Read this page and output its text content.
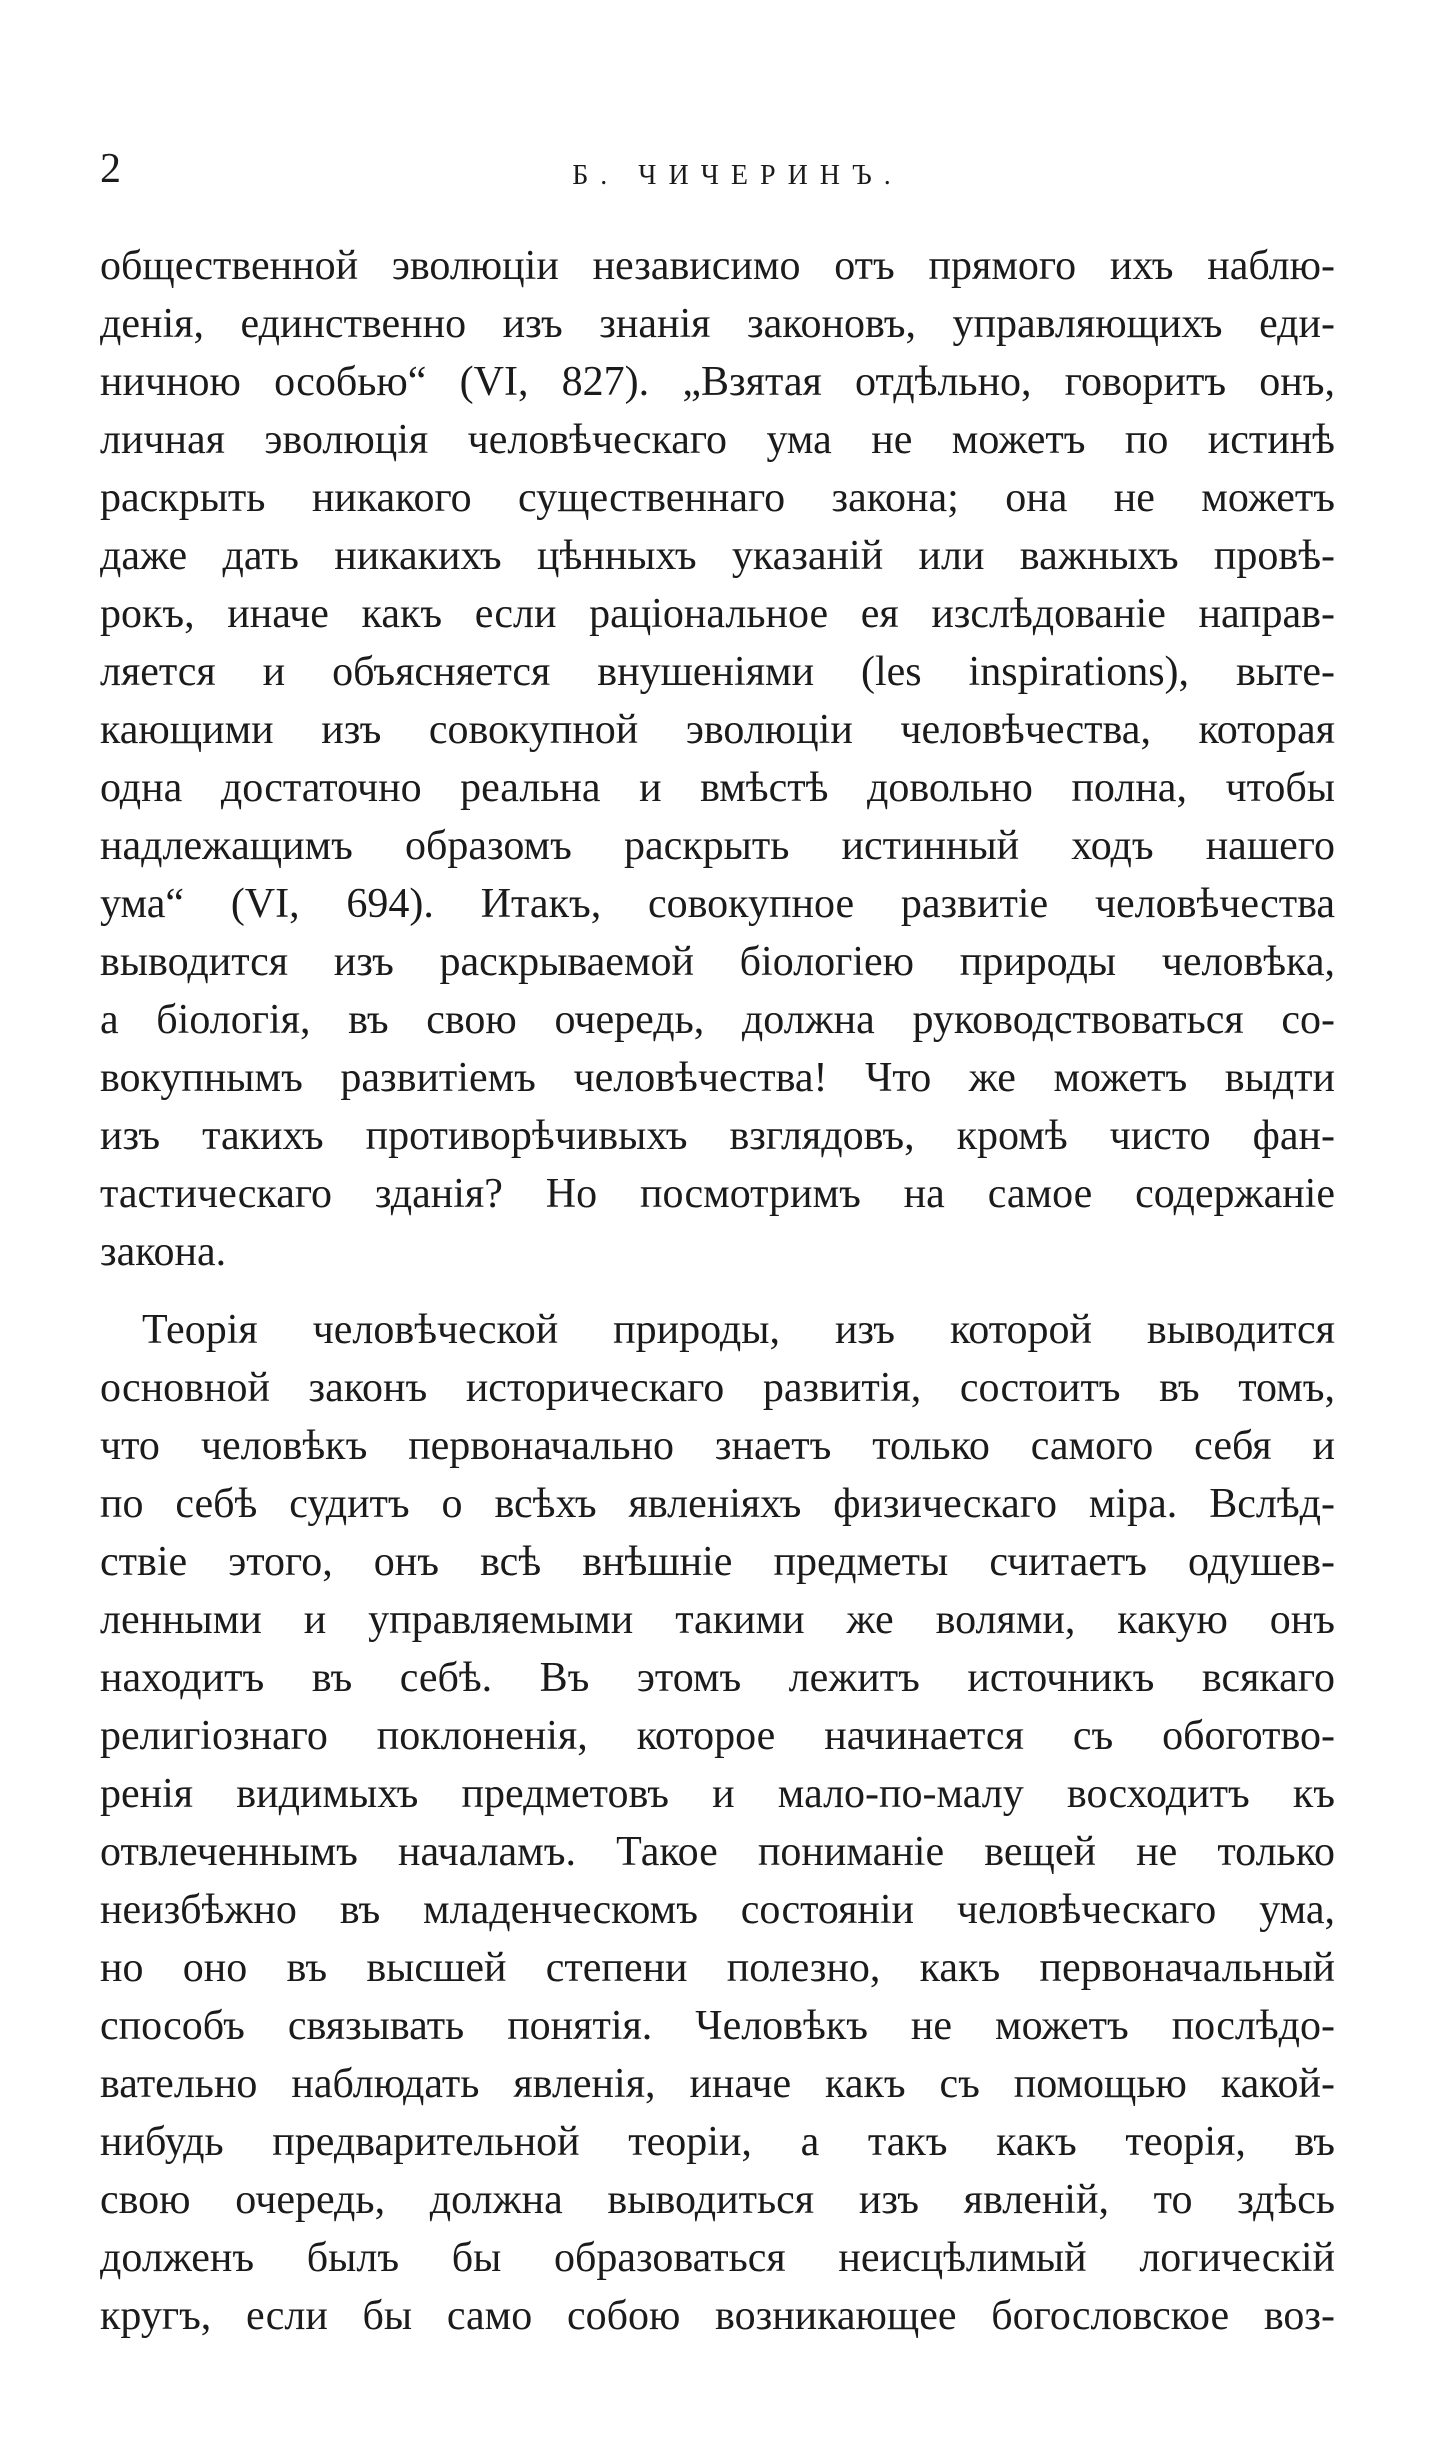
2	Б. ЧИЧЕРИНЪ.
общественной эволюціи независимо отъ прямого ихъ наблю-
денія, единственно изъ знанія законовъ, управляющихъ еди-
ничною особью“ (VI, 827). „Взятая отдѣльно, говоритъ онъ,
личная эволюція человѣческаго ума не можетъ по истинѣ
раскрыть никакого существеннаго закона; она не можетъ
даже дать никакихъ цѣнныхъ указаній или важныхъ провѣ-
рокъ, иначе какъ если раціональное ея изслѣдованіе направ-
ляется и объясняется внушеніями (les inspirations), выте-
кающими изъ совокупной эволюціи человѣчества, которая
одна достаточно реальна и вмѣстѣ довольно полна, чтобы
надлежащимъ образомъ раскрыть истинный ходъ нашего
ума“ (VI, 694). Итакъ, совокупное развитіе человѣчества
выводится изъ раскрываемой біологіею природы человѣка,
а біологія, въ свою очередь, должна руководствоваться со-
вокупнымъ развитіемъ человѣчества! Что же можетъ выдти
изъ такихъ противорѣчивыхъ взглядовъ, кромѣ чисто фан-
тастическаго зданія? Но посмотримъ на самое содержаніе
закона.
Теорія человѣческой природы, изъ которой выводится
основной законъ историческаго развитія, состоитъ въ томъ,
что человѣкъ первоначально знаетъ только самого себя и
по себѣ судитъ о всѣхъ явленіяхъ физическаго міра. Вслѣд-
ствіе этого, онъ всѣ внѣшніе предметы считаетъ одушев-
ленными и управляемыми такими же волями, какую онъ
находитъ въ себѣ. Въ этомъ лежитъ источникъ всякаго
религіознаго поклоненія, которое начинается съ обоготво-
ренія видимыхъ предметовъ и мало-по-малу восходитъ къ
отвлеченнымъ началамъ. Такое пониманіе вещей не только
неизбѣжно въ младенческомъ состояніи человѣческаго ума,
но оно въ высшей степени полезно, какъ первоначальный
способъ связывать понятія. Человѣкъ не можетъ послѣдо-
вательно наблюдать явленія, иначе какъ съ помощью какой-
нибудь предварительной теоріи, а такъ какъ теорія, въ
свою очередь, должна выводиться изъ явленій, то здѣсь
долженъ былъ бы образоваться неисцѣлимый логическій
кругъ, если бы само собою возникающее богословское воз-
